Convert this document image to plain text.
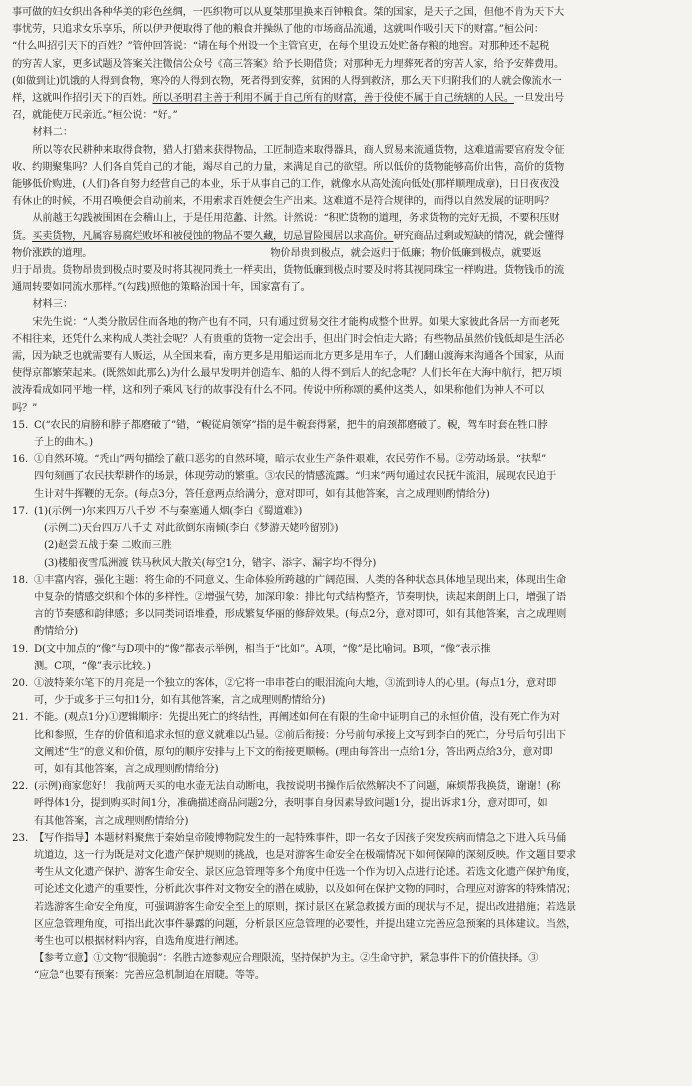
事可做的妇女织出各种华美的彩色丝绸，一匹织物可以从夏桀那里换来百钟粮食。桀的国家，是天子之国，但他不肯为天下大

事忧劳，只追求女乐享乐，所以伊尹便取得了他的粮食并操纵了他的市场商品流通，这就叫作吸引天下的财富。”桓公问：

“什么叫招引天下的百姓？”管仲回答说：“请在每个州设一个主管官吏，在每个里设五处贮备存粮的地窖。对那种还不起税

的穷苦人家，更多试题及答案关注微信公众号《高三答案》给予长期借贷；对那种无力埋葬死者的穷苦人家，给予安葬费用。

(如做到让)饥饿的人得到食物，寒冷的人得到衣物，死者得到安葬，贫困的人得到救济，那么天下归附我们的人就会像流水一

样，这就叫作招引天下的百姓。所以圣明君主善于利用不属于自己所有的财富，善于役使不属于自己统辖的人民。一旦发出号

召，就能使万民亲近。”桓公说：“好。”

材料二：

所以等农民耕种来取得食物，猎人打猎来获得物品，工匠制造来取得器具，商人贸易来流通货物，这难道需要官府发令征

收、约期聚集吗？人们各自凭自己的才能，竭尽自己的力量，来满足自己的欲望。所以低价的货物能够高价出售，高价的货物

能够低价购进，(人们)各自努力经营自己的本业，乐于从事自己的工作，就像水从高处流向低处(那样顺理成章)，日日夜夜没

有休止的时候，不用召唤便会自动前来，不用索求百姓便会生产出来。这难道不是符合规律的，而得以自然发展的证明吗？

从前越王勾践被围困在会稽山上，于是任用范蠡、计然。计然说：“积贮货物的道理，务求货物的完好无损，不要积压财

货。买卖货物，凡属容易腐烂败坏和被侵蚀的物品不要久藏，切忌冒险囤居以求高价。研究商品过剩或短缺的情况，就会懂得

物价涨跌的道理。	物价昂贵到极点，就会返归于低廉；物价低廉到极点，就要返

归于昂贵。货物昂贵到极点时要及时将其视同粪土一样卖出，货物低廉到极点时要及时将其视同珠宝一样购进。货物钱币的流

通周转要如同流水那样。”(勾践)照他的策略治国十年，国家富有了。

材料三：

宋先生说：“人类分散居住而各地的物产也有不同，只有通过贸易交往才能构成整个世界。如果大家彼此各居一方而老死

不相往来，还凭什么来构成人类社会呢？人有贵重的货物一定会出手，但出门时会怕走大路；有些物品虽然价钱低却是生活必

需，因为缺乏也就需要有人贩运，从全国来看，南方更多是用船运而北方更多是用车子，人们翻山渡海来沟通各个国家，从而

使得京都繁荣起来。(既然如此那么)为什么最早发明并创造车、船的人得不到后人的纪念呢？人们长年在大海中航行，把万顷

波涛看成如同平地一样，这和列子乘风飞行的故事没有什么不同。传说中所称颂的奚仲这类人，如果称他们为神人不可以

吗？”

15. C(“农民的肩膀和脖子都磨破了”错，“輗従肩领穿”指的是牛輗套得紧，把牛的肩颈都磨破了。輗，驾车时套在牲口脖
子上的曲木。)
16. ①自然环境。“秃山”两句描绘了蔽口恶劣的自然环境，暗示农业生产条件艰难，农民劳作不易。②劳动场景。“扶犁”
四句刻画了农民扶犁耕作的场景，体现劳动的繁重。③农民的情感流露。“归来”两句通过农民抚牛流泪，展现农民迫于
生计对牛挥鞭的无奈。(每点3分，答任意两点给满分，意对即可，如有其他答案，言之成理则酌情给分)
17. (1)(示例一)尔来四万八千岁 不与秦塞通人烟(李白《蜀道难》)
(示例二)天台四万八千丈 对此欲倒东南倾(李白《梦游天姥吟留别》)
(2)赵尝五战于秦 二败而三胜
(3)楼船夜雪瓜洲渡 铁马秋风大散关(每空1分，错字、添字、漏字均不得分)
18. ①丰富内容，强化主题：将生命的不同意义、生命体验所跨越的广阔范围、人类的各种状态具体地呈现出来，体现出生命
中复杂的情感交织和个体的多样性。②增强气势，加深印象：排比句式结构整齐，节奏明快，读起来朗朗上口，增强了语
言的节奏感和韵律感；多以同类词语堆叠，形成繁复华丽的修辞效果。(每点2分，意对即可，如有其他答案，言之成理则
酌情给分)
19. D(文中加点的“像”与D项中的“像”都表示举例，相当于“比如”。A项，“像”是比喻词。B项，“像”表示推
测。C项，“像”表示比较。)
20. ①波特莱尔笔下的月亮是一个独立的客体，②它将一串串苍白的眼泪流向大地，③流到诗人的心里。(每点1分，意对即
可，少于或多于三句扣1分，如有其他答案，言之成理则酌情给分)
21. 不能。(观点1分)①逻辑顺序：先提出死亡的终结性，再阐述如何在有限的生命中证明自己的永恒价值，没有死亡作为对
比和参照，生存的价值和追求永恒的意义就难以凸显。②前后衔接：分号前句承接上文写到李白的死亡，分号后句引出下
文阐述“生”的意义和价值，原句的顺序安排与上下文的衔接更顺畅。(理由每答出一点给1分，答出两点给3分，意对即
可，如有其他答案，言之成理则酌情给分)
22. (示例)商家您好！ 我前两天买的电水壶无法自动断电，我按说明书操作后依然解决不了问题，麻烦帮我换货，谢谢！(称
呼得体1分，提到购买时间1分，准确描述商品问题2分，表明事自身因素导致问题1分，提出诉求1分，意对即可，如
有其他答案，言之成理则酌情给分)
23. 【写作指导】本题材料聚焦于秦始皇帝陵博物院发生的一起特殊事件，即一名女子因孩子突发疾病而情急之下进入兵马俑
坑道边，这一行为既是对文化遗产保护规则的挑战，也是对游客生命安全在极端情况下如何保障的深刻反映。作文题目要求
考生从文化遗产保护、游客生命安全、景区应急管理等多个角度中任选一个作为切入点进行论述。若选文化遗产保护角度，
可论述文化遗产的重要性，分析此次事件对文物安全的潜在威胁，以及如何在保护文物的同时，合理应对游客的特殊情况；
若选游客生命安全角度，可强调游客生命安全至上的原则，探讨景区在紧急救援方面的现状与不足，提出改进措施；若选景
区应急管理角度，可指出此次事件暴露的问题，分析景区应急管理的必要性，并提出建立完善应急预案的具体建议。当然，
考生也可以根据材料内容，自选角度进行阐述。
【参考立意】①文物“很脆弱”：名胜古迹参观应合理限流，坚持保护为主。②生命守护，紧急事件下的价值抉择。③
“应急”也要有预案：完善应急机制迫在眉睫。等等。
